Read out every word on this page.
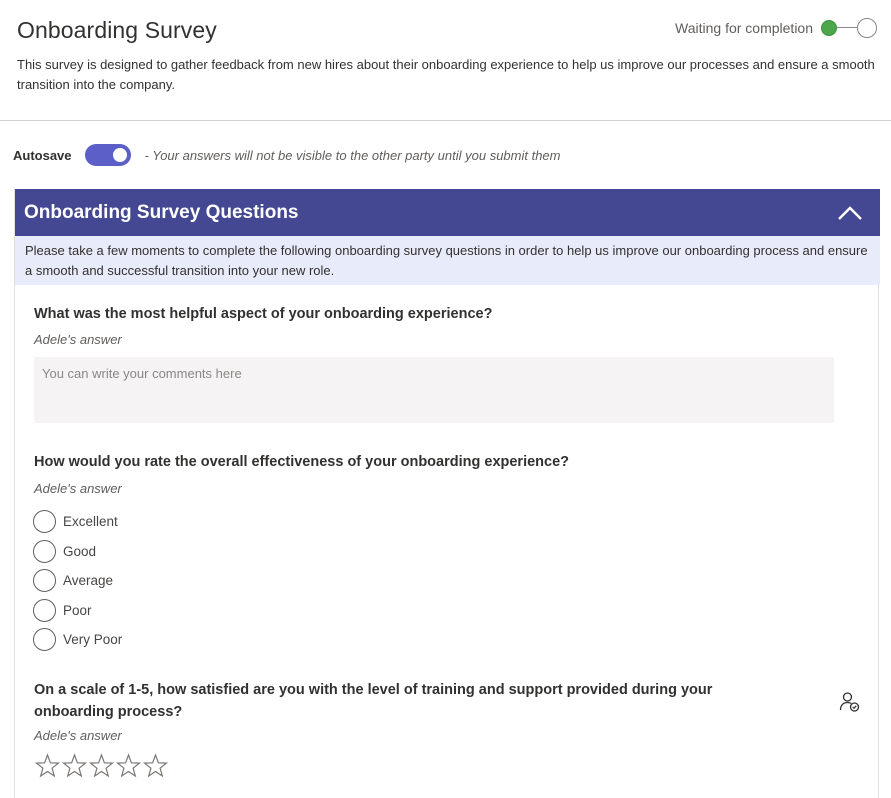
Onboarding Survey	Waiting for completion
This survey is designed to gather feedback from new hires about their onboarding experience to help us improve our processes and ensure a smooth transition into the company.
Autosave	- Your answers will not be visible to the other party until you submit them
Onboarding Survey Questions
Please take a few moments to complete the following onboarding survey questions in order to help us improve our onboarding process and ensure a smooth and successful transition into your new role.
What was the most helpful aspect of your onboarding experience?
Adele's answer
You can write your comments here
How would you rate the overall effectiveness of your onboarding experience?
Adele's answer
Excellent
Good
Average
Poor
Very Poor
On a scale of 1-5, how satisfied are you with the level of training and support provided during your onboarding process?
Adele's answer
